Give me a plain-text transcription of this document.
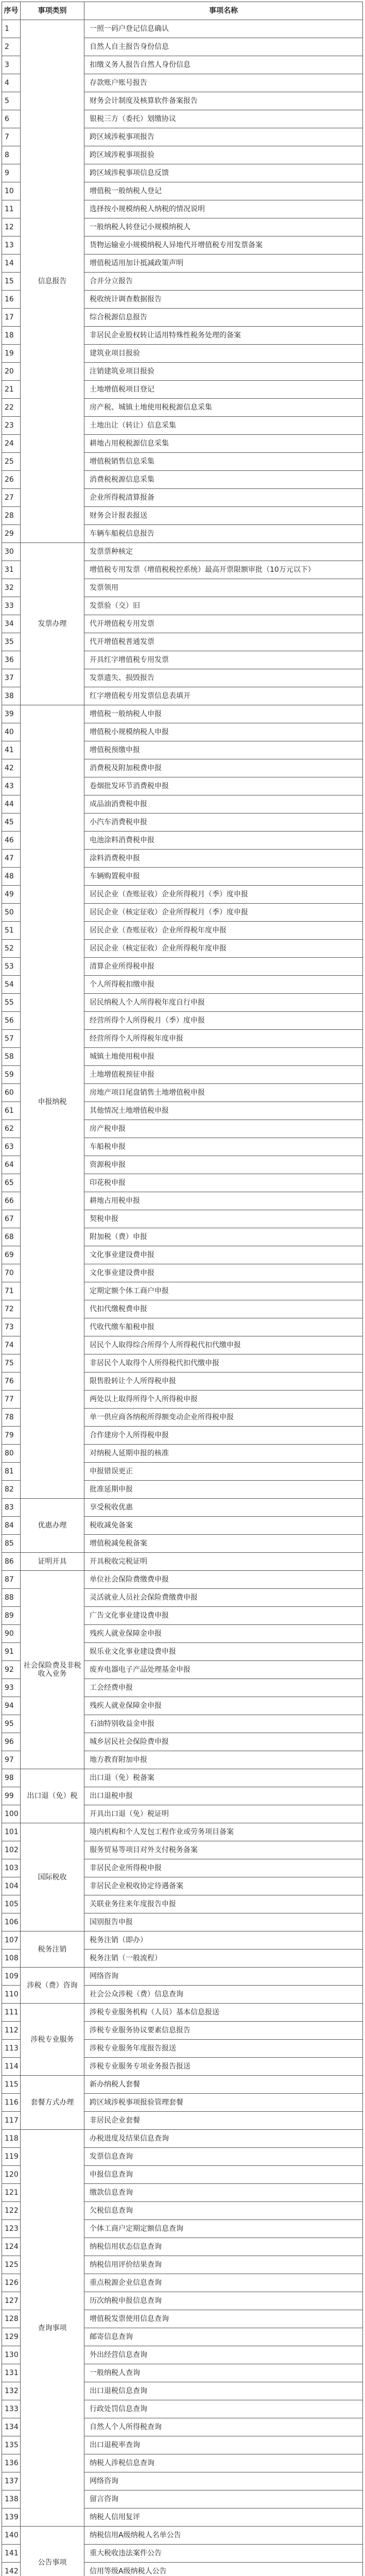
序号	事项类别	事项名称
1	信息报告	一照一码户登记信息确认
2		自然人自主报告身份信息
3		扣缴义务人报告自然人身份信息
4		存款账户账号报告
5		财务会计制度及核算软件备案报告
6		银税三方（委托）划缴协议
7		跨区域涉税事项报告
8		跨区域涉税事项报验
9		跨区域涉税事项信息反馈
10		增值税一般纳税人登记
11		选择按小规模纳税人纳税的情况说明
12		一般纳税人转登记小规模纳税人
13		货物运输业小规模纳税人异地代开增值税专用发票备案
14		增值税适用加计抵减政策声明
15		合并分立报告
16		税收统计调查数据报告
17		综合税源信息报告
18		非居民企业股权转让适用特殊性税务处理的备案
19		建筑业项目报验
20		注销建筑业项目报验
21		土地增值税项目登记
22		房产税、城镇土地使用税税源信息采集
23		土地出让（转让）信息采集
24		耕地占用税税源信息采集
25		增值税销售信息采集
26		消费税税源信息采集
27		企业所得税清算报备
28		财务会计报表报送
29		车辆车船税信息报告
30	发票办理	发票票种核定
31		增值税专用发票（增值税税控系统）最高开票限额审批（10万元以下）
32		发票领用
33		发票验（交）旧
34		代开增值税专用发票
35		代开增值税普通发票
36		开具红字增值税专用发票
37		发票遗失、损毁报告
38		红字增值税专用发票信息表填开
39	申报纳税	增值税一般纳税人申报
40		增值税小规模纳税人申报
41		增值税预缴申报
42		消费税及附加税费申报
43		卷烟批发环节消费税申报
44		成品油消费税申报
45		小汽车消费税申报
46		电池涂料消费税申报
47		涂料消费税申报
48		车辆购置税申报
49		居民企业（查账征收）企业所得税月（季）度申报
50		居民企业（核定征收）企业所得税月（季）度申报
51		居民企业（查账征收）企业所得税年度申报
52		居民企业（核定征收）企业所得税年度申报
53		清算企业所得税申报
54		个人所得税扣缴申报
55		居民纳税人个人所得税年度自行申报
56		经营所得个人所得税月（季）度申报
57		经营所得个人所得税年度申报
58		城镇土地使用税申报
59		土地增值税预征申报
60		房地产项目尾盘销售土地增值税申报
61		其他情况土地增值税申报
62		房产税申报
63		车船税申报
64		资源税申报
65		印花税申报
66		耕地占用税申报
67		契税申报
68		附加税（费）申报
69		文化事业建设费申报
70		文化事业建设费申报
71		定期定额个体工商户申报
72		代扣代缴税费申报
73		代收代缴车船税申报
74		居民个人取得综合所得个人所得税代扣代缴申报
75		非居民个人取得个人所得税代扣代缴申报
76		限售股转让个人所得税申报
77		两处以上取得所得个人所得税申报
78		单一供应商各纳税所得额变动企业所得税申报
79		合作建房个人所得税申报
80		对纳税人延期申报的核准
81		申报错误更正
82		批准延期申报
83	优惠办理	享受税收优惠
84		税收减免备案
85		增值税减免税备案
86	证明开具	开具税收完税证明
87	社会保险费及非税收入业务	单位社会保险费缴费申报
88		灵活就业人员社会保险费缴费申报
89		广告文化事业建设费申报
90		残疾人就业保障金申报
91		娱乐业文化事业建设费申报
92		废弃电器电子产品处理基金申报
93		工会经费申报
94		残疾人就业保障金申报
95		石油特别收益金申报
96		城乡居民社会保险费申报
97		地方教育附加申报
98	出口退（免）税	出口退（免）税备案
99		出口退税申报
100		开具出口退（免）税证明
101	国际税收	境内机构和个人发包工程作业或劳务项目备案
102		服务贸易等项目对外支付税务备案
103		非居民企业所得税申报
104		非居民企业税收协定待遇备案
105		关联业务往来年度报告申报
106		国别报告申报
107	税务注销	税务注销（即办）
108		税务注销（一般流程）
109	涉税（费）咨询	网络咨询
110		社会公众涉税（费）信息查询
111	涉税专业服务	涉税专业服务机构（人员）基本信息报送
112		涉税专业服务协议要素信息报告
113		涉税专业服务年度报告报送
114		涉税专业服务专项业务报告报送
115	套餐方式办理	新办纳税人套餐
116		跨区域涉税事项报验管理套餐
117		非居民企业套餐
118	查询事项	办税进度及结果信息查询
119		发票信息查询
120		申报信息查询
121		缴款信息查询
122		欠税信息查询
123		个体工商户定期定额信息查询
124		纳税信用状态信息查询
125		纳税信用评价结果查询
126		重点税源企业信息查询
127		历次纳税申报信息查询
128		增值税发票使用信息查询
129		邮寄信息查询
130		外出经营信息查询
131		一般纳税人查询
132		出口退税信息查询
133		行政处罚信息查询
134		自然人个人所得税查询
135		出口退税率查询
136		纳税人涉税信息查询
137		网络咨询
138		留言咨询
139		纳税人信用复评
140	公告事项	纳税信用A级纳税人名单公告
141		重大税收违法案件公告
142		信用等级A级纳税人公告
